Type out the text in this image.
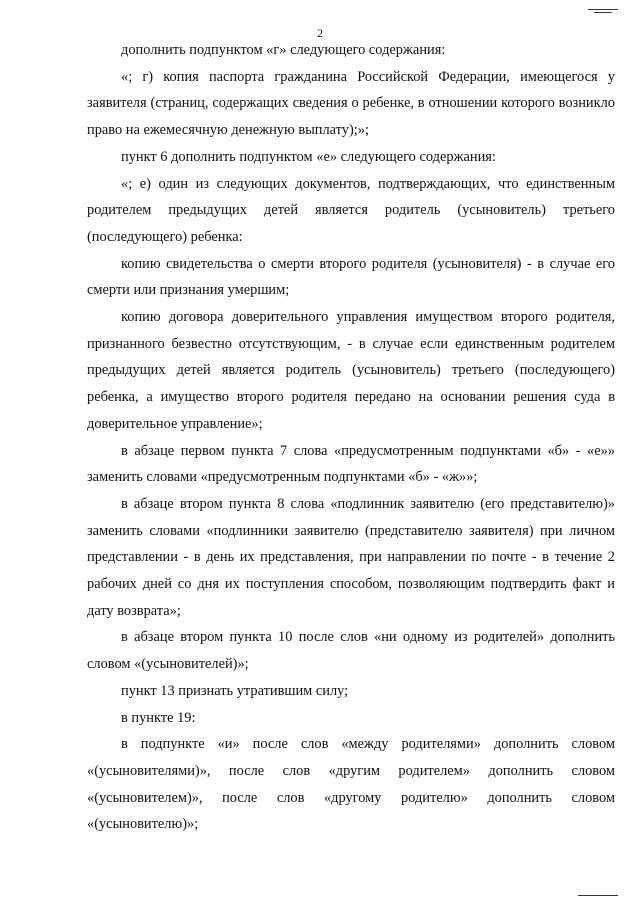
2

дополнить подпунктом «г» следующего содержания:

«; г) копия паспорта гражданина Российской Федерации, имеющегося у заявителя (страниц, содержащих сведения о ребенке, в отношении которого возникло право на ежемесячную денежную выплату);»;

пункт 6 дополнить подпунктом «е» следующего содержания:

«; е) один из следующих документов, подтверждающих, что единственным родителем предыдущих детей является родитель (усыновитель) третьего (последующего) ребенка:

копию свидетельства о смерти второго родителя (усыновителя) - в случае его смерти или признания умершим;

копию договора доверительного управления имуществом второго родителя, признанного безвестно отсутствующим, - в случае если единственным родителем предыдущих детей является родитель (усыновитель) третьего (последующего) ребенка, а имущество второго родителя передано на основании решения суда в доверительное управление»;

в абзаце первом пункта 7 слова «предусмотренным подпунктами «б» - «е»» заменить словами «предусмотренным подпунктами «б» - «ж»»;

в абзаце втором пункта 8 слова «подлинник заявителю (его представителю)» заменить словами «подлинники заявителю (представителю заявителя) при личном представлении - в день их представления, при направлении по почте - в течение 2 рабочих дней со дня их поступления способом, позволяющим подтвердить факт и дату возврата»;

в абзаце втором пункта 10 после слов «ни одному из родителей» дополнить словом «(усыновителей)»;

пункт 13 признать утратившим силу;

в пункте 19:

в подпункте «и» после слов «между родителями» дополнить словом «(усыновителями)», после слов «другим родителем» дополнить словом «(усыновителем)», после слов «другому родителю» дополнить словом «(усыновителю)»;
